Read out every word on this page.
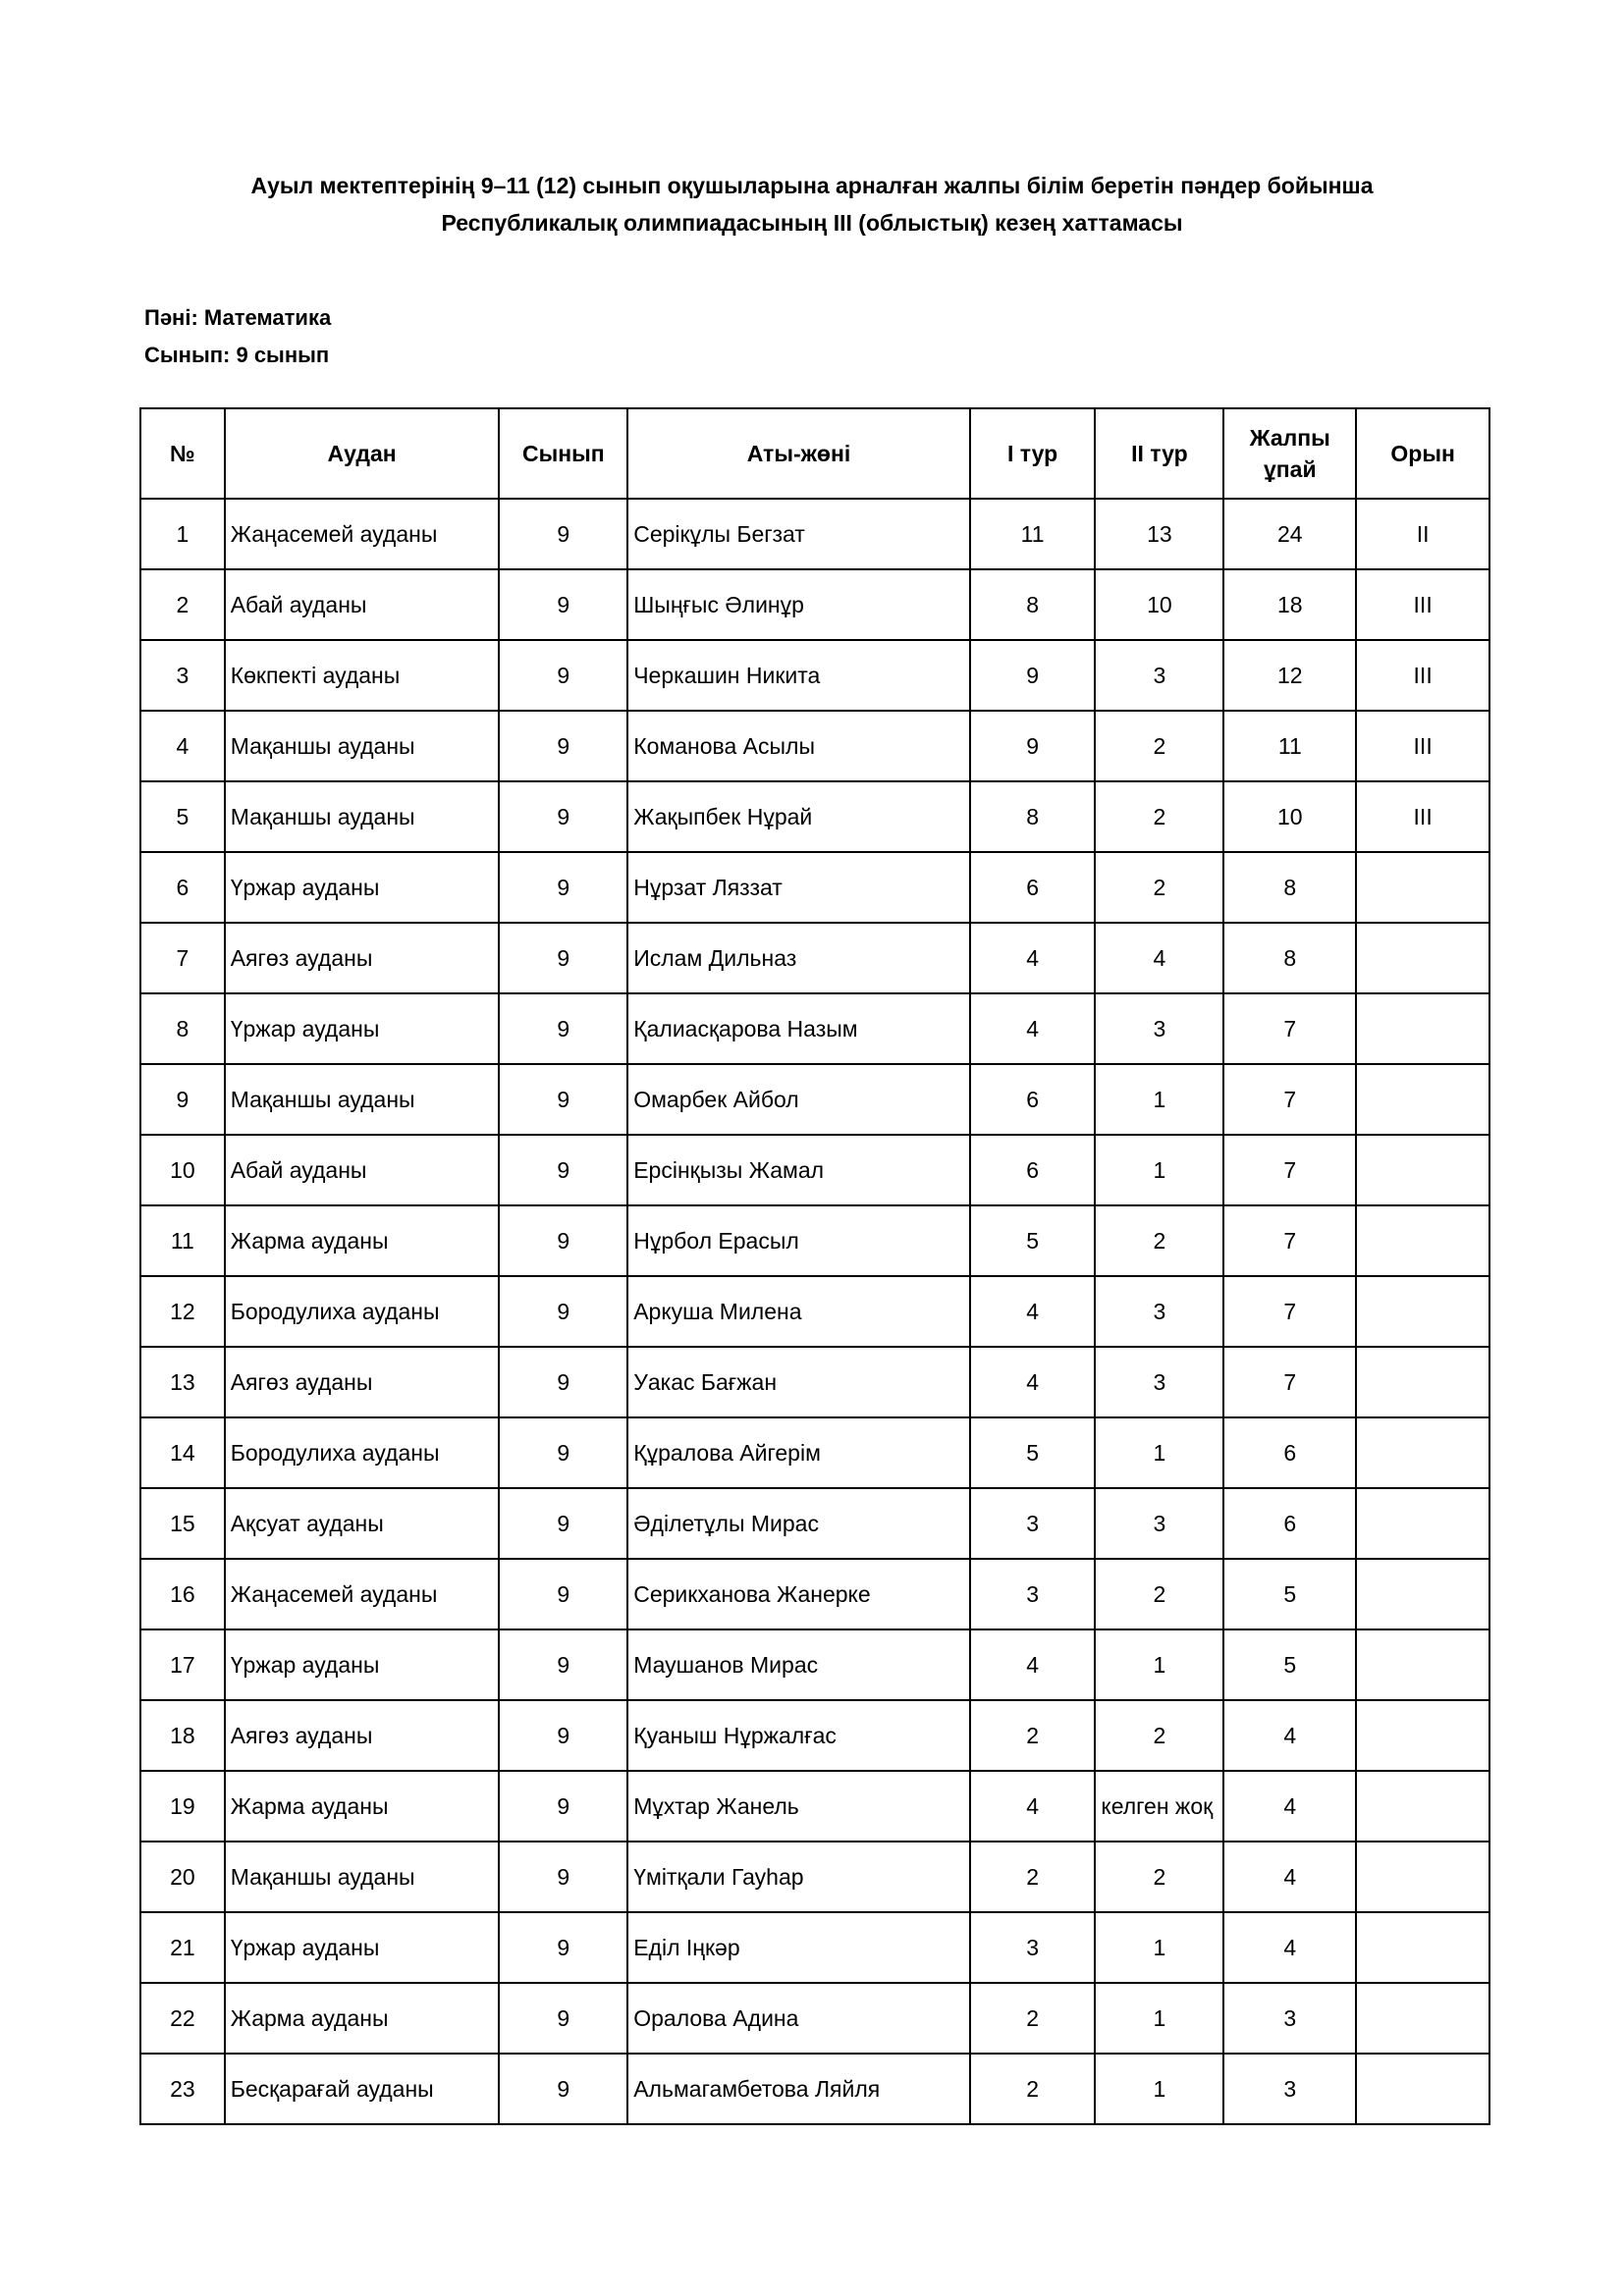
Ауыл мектептерінің 9–11 (12) сынып оқушыларына арналған жалпы білім беретін пәндер бойынша
Республикалық олимпиадасының III (облыстық) кезең хаттамасы
Пәні: Математика
Сынып: 9 сынып
№	Аудан	Сынып	Аты-жөні	I тур	II тур	Жалпы ұпай	Орын
1	Жаңасемей ауданы	9	Серікұлы Бегзат	11	13	24	II
2	Абай ауданы	9	Шыңғыс Әлинұр	8	10	18	III
3	Көкпекті ауданы	9	Черкашин Никита	9	3	12	III
4	Мақаншы ауданы	9	Команова Асылы	9	2	11	III
5	Мақаншы ауданы	9	Жақыпбек Нұрай	8	2	10	III
6	Үржар ауданы	9	Нұрзат Ляззат	6	2	8	
7	Аягөз ауданы	9	Ислам Дильназ	4	4	8	
8	Үржар ауданы	9	Қалиасқарова Назым	4	3	7	
9	Мақаншы ауданы	9	Омарбек Айбол	6	1	7	
10	Абай ауданы	9	Ерсінқызы Жамал	6	1	7	
11	Жарма ауданы	9	Нұрбол Ерасыл	5	2	7	
12	Бородулиха ауданы	9	Аркуша Милена	4	3	7	
13	Аягөз ауданы	9	Уакас Бағжан	4	3	7	
14	Бородулиха ауданы	9	Құралова Айгерім	5	1	6	
15	Ақсуат ауданы	9	Әділетұлы Мирас	3	3	6	
16	Жаңасемей ауданы	9	Серикханова Жанерке	3	2	5	
17	Үржар ауданы	9	Маушанов Мирас	4	1	5	
18	Аягөз ауданы	9	Қуаныш Нұржалғас	2	2	4	
19	Жарма ауданы	9	Мұхтар Жанель	4	келген жоқ	4	
20	Мақаншы ауданы	9	Үмітқали Гауһар	2	2	4	
21	Үржар ауданы	9	Еділ Іңкәр	3	1	4	
22	Жарма ауданы	9	Оралова Адина	2	1	3	
23	Бесқарағай ауданы	9	Альмагамбетова Ляйля	2	1	3	
